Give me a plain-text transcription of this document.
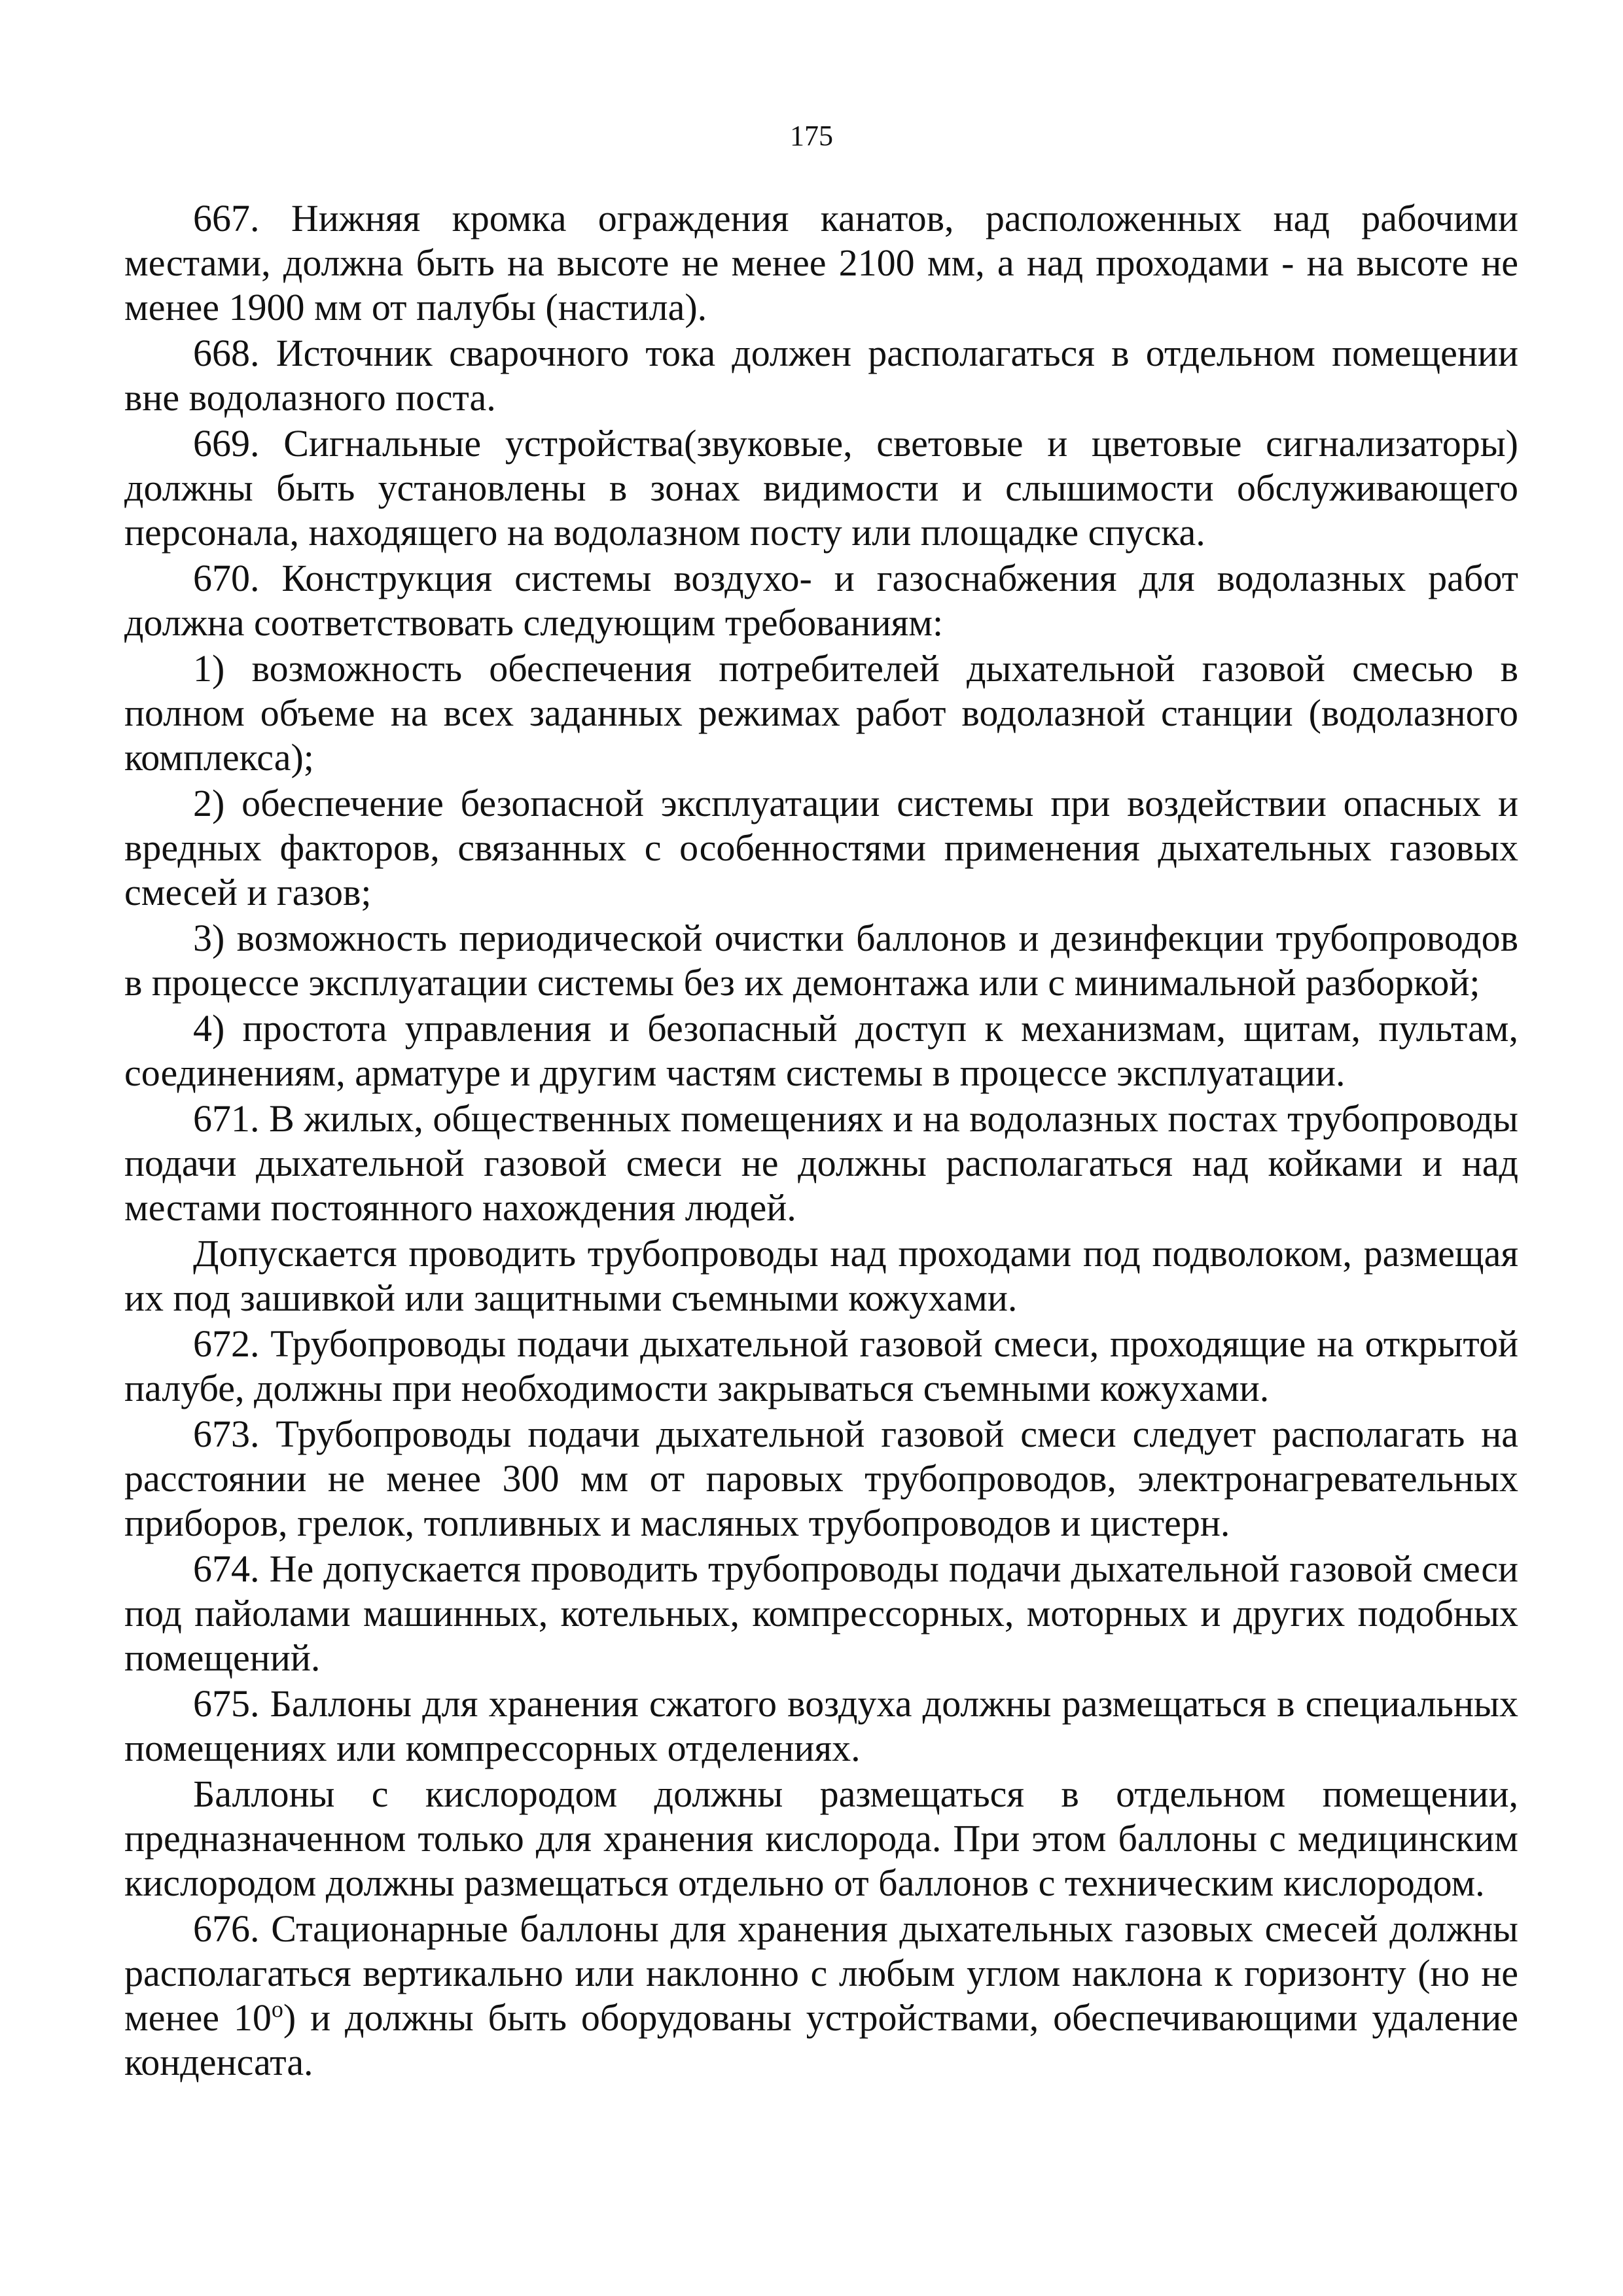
175

667. Нижняя кромка ограждения канатов, расположенных над рабочими местами, должна быть на высоте не менее 2100 мм, а над проходами - на высоте не менее 1900 мм от палубы (настила).

668. Источник сварочного тока должен располагаться в отдельном помещении вне водолазного поста.

669. Сигнальные устройства(звуковые, световые и цветовые сигнализаторы) должны быть установлены в зонах видимости и слышимости обслуживающего персонала, находящего на водолазном посту или площадке спуска.

670. Конструкция системы воздухо- и газоснабжения для водолазных работ должна соответствовать следующим требованиям:

1) возможность обеспечения потребителей дыхательной газовой смесью в полном объеме на всех заданных режимах работ водолазной станции (водолазного комплекса);

2) обеспечение безопасной эксплуатации системы при воздействии опасных и вредных факторов, связанных с особенностями применения дыхательных газовых смесей и газов;

3) возможность периодической очистки баллонов и дезинфекции трубопроводов в процессе эксплуатации системы без их демонтажа или с минимальной разборкой;

4) простота управления и безопасный доступ к механизмам, щитам, пультам, соединениям, арматуре и другим частям системы в процессе эксплуатации.

671. В жилых, общественных помещениях и на водолазных постах трубопроводы подачи дыхательной газовой смеси не должны располагаться над койками и над местами постоянного нахождения людей.

Допускается проводить трубопроводы над проходами под подволоком, размещая их под зашивкой или защитными съемными кожухами.

672. Трубопроводы подачи дыхательной газовой смеси, проходящие на открытой палубе, должны при необходимости закрываться съемными кожухами.

673. Трубопроводы подачи дыхательной газовой смеси следует располагать на расстоянии не менее 300 мм от паровых трубопроводов, электронагревательных приборов, грелок, топливных и масляных трубопроводов и цистерн.

674. Не допускается проводить трубопроводы подачи дыхательной газовой смеси под пайолами машинных, котельных, компрессорных, моторных и других подобных помещений.

675. Баллоны для хранения сжатого воздуха должны размещаться в специальных помещениях или компрессорных отделениях.

Баллоны с кислородом должны размещаться в отдельном помещении, предназначенном только для хранения кислорода. При этом баллоны с медицинским кислородом должны размещаться отдельно от баллонов с техническим кислородом.

676. Стационарные баллоны для хранения дыхательных газовых смесей должны располагаться вертикально или наклонно с любым углом наклона к горизонту (но не менее $10^о$) и должны быть оборудованы устройствами, обеспечивающими удаление конденсата.
